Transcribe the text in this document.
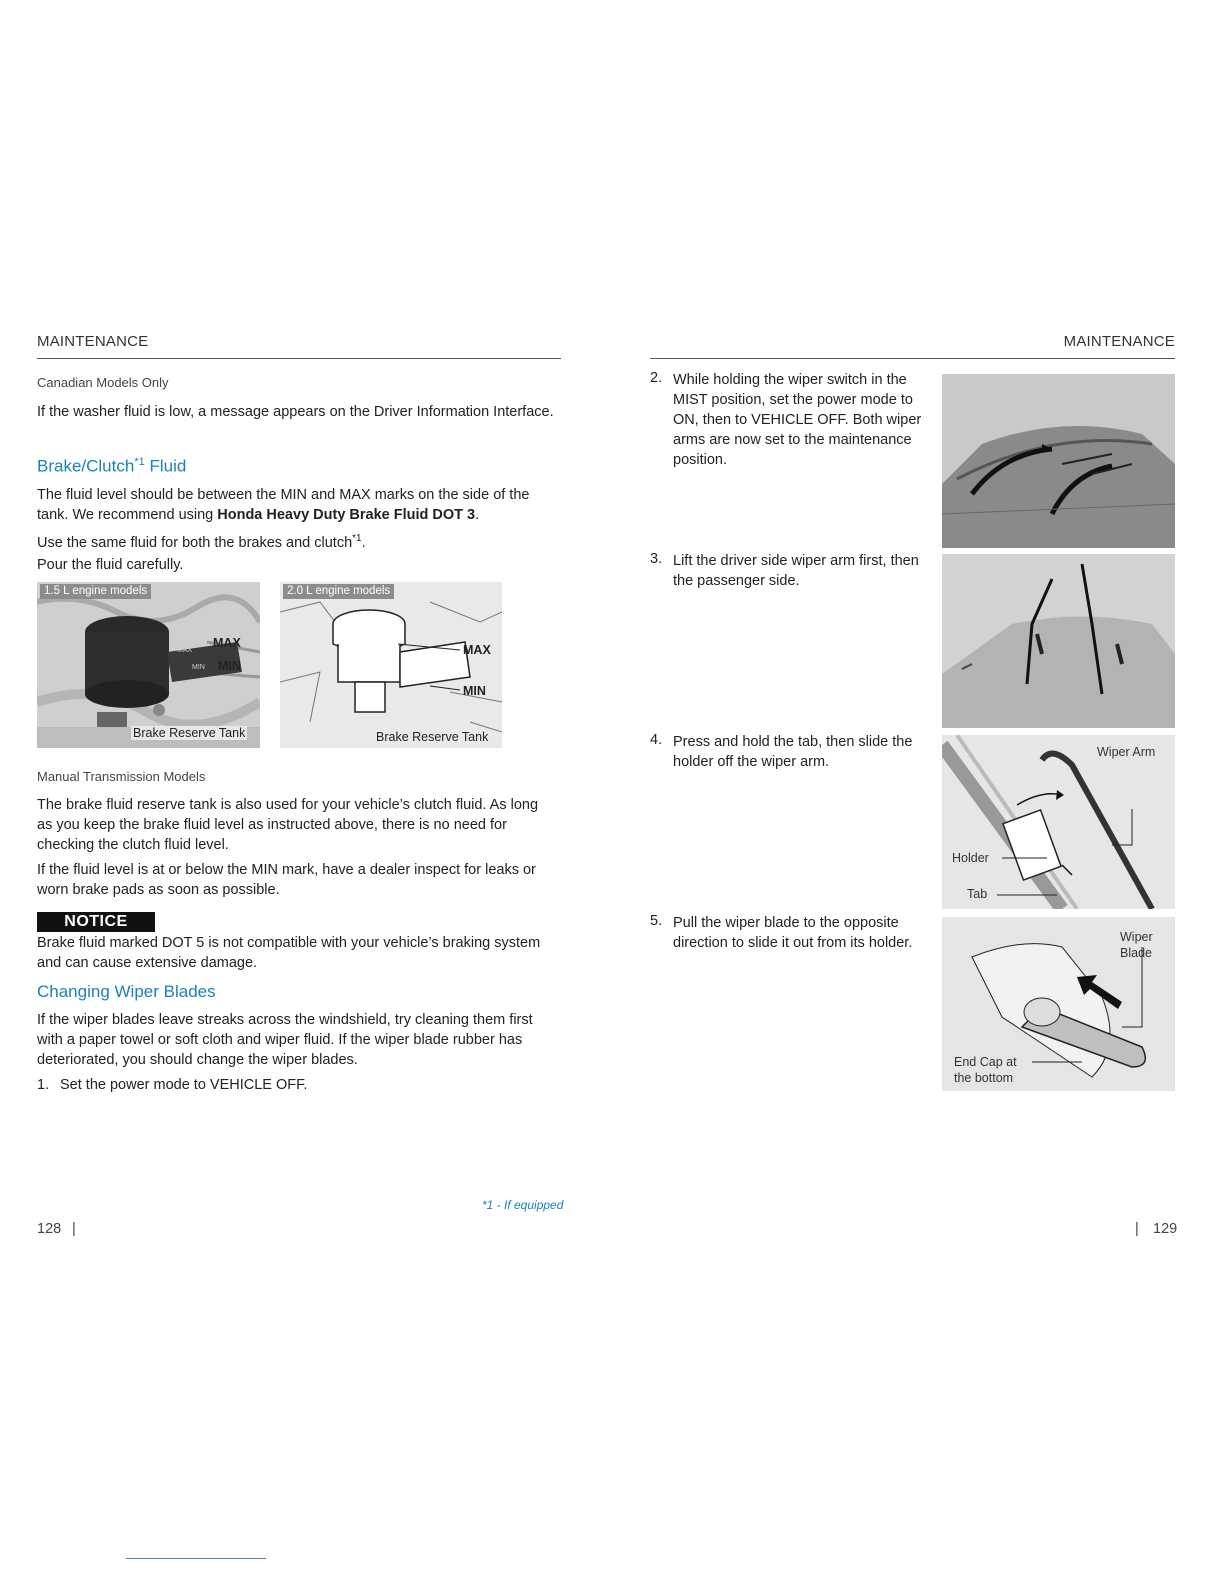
MAINTENANCE	MAINTENANCE
Canadian Models Only
If the washer fluid is low, a message appears on the Driver Information Interface.
Brake/Clutch$^{*1}$ Fluid
The fluid level should be between the MIN and MAX marks on the side of the tank. We recommend using Honda Heavy Duty Brake Fluid DOT 3.
Use the same fluid for both the brakes and clutch$^{*1}$.
Pour the fluid carefully.
1.5 L engine models
MAX
MIN
MAX
MIN
Brake Reserve Tank
2.0 L engine models
MAX
MIN
Brake Reserve Tank
Manual Transmission Models
The brake fluid reserve tank is also used for your vehicle’s clutch fluid. As long as you keep the brake fluid level as instructed above, there is no need for checking the clutch fluid level.
If the fluid level is at or below the MIN mark, have a dealer inspect for leaks or worn brake pads as soon as possible.
NOTICE
Brake fluid marked DOT 5 is not compatible with your vehicle’s braking system and can cause extensive damage.
Changing Wiper Blades
If the wiper blades leave streaks across the windshield, try cleaning them first with a paper towel or soft cloth and wiper fluid. If the wiper blade rubber has deteriorated, you should change the wiper blades.
1. Set the power mode to VEHICLE OFF.
2. While holding the wiper switch in the MIST position, set the power mode to ON, then to VEHICLE OFF. Both wiper arms are now set to the maintenance position.
3. Lift the driver side wiper arm first, then the passenger side.
4. Press and hold the tab, then slide the holder off the wiper arm.
Wiper Arm
Holder
Tab
5. Pull the wiper blade to the opposite direction to slide it out from its holder.	Wiper
Blade
End Cap at
the bottom
*1 - If equipped
128 |	| 129
